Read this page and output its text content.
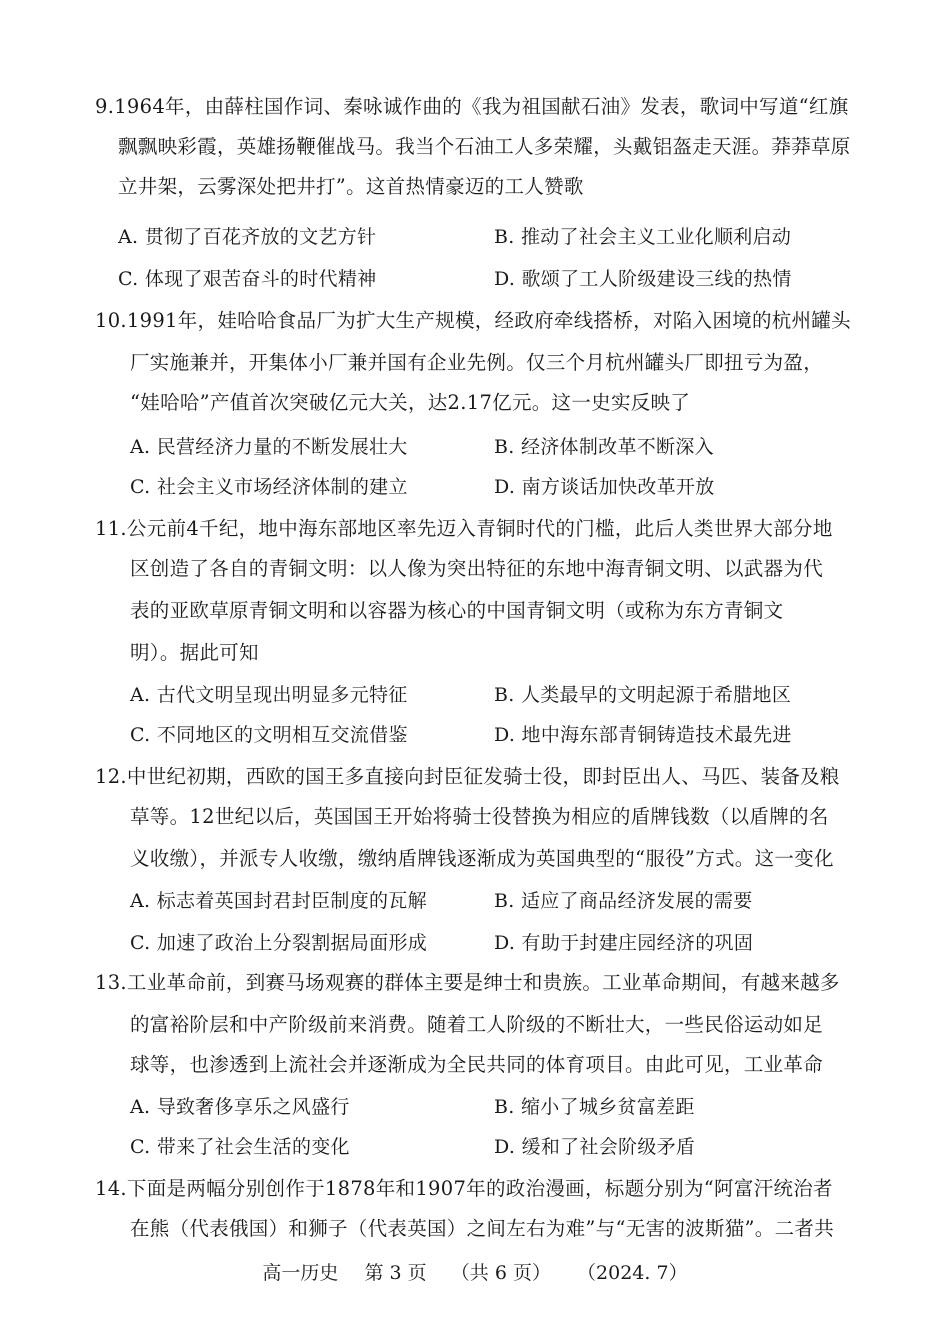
9.1964年，由薛柱国作词、秦咏诚作曲的《我为祖国献石油》发表，歌词中写道“红旗
飘飘映彩霞，英雄扬鞭催战马。我当个石油工人多荣耀，头戴铝盔走天涯。莽莽草原
立井架，云雾深处把井打”。这首热情豪迈的工人赞歌
A. 贯彻了百花齐放的文艺方针	B. 推动了社会主义工业化顺利启动
C. 体现了艰苦奋斗的时代精神	D. 歌颂了工人阶级建设三线的热情
10.1991年，娃哈哈食品厂为扩大生产规模，经政府牵线搭桥，对陷入困境的杭州罐头
厂实施兼并，开集体小厂兼并国有企业先例。仅三个月杭州罐头厂即扭亏为盈，
“娃哈哈”产值首次突破亿元大关，达2.17亿元。这一史实反映了
A. 民营经济力量的不断发展壮大	B. 经济体制改革不断深入
C. 社会主义市场经济体制的建立	D. 南方谈话加快改革开放
11.公元前4千纪，地中海东部地区率先迈入青铜时代的门槛，此后人类世界大部分地
区创造了各自的青铜文明：以人像为突出特征的东地中海青铜文明、以武器为代
表的亚欧草原青铜文明和以容器为核心的中国青铜文明（或称为东方青铜文
明）。据此可知
A. 古代文明呈现出明显多元特征	B. 人类最早的文明起源于希腊地区
C. 不同地区的文明相互交流借鉴	D. 地中海东部青铜铸造技术最先进
12.中世纪初期，西欧的国王多直接向封臣征发骑士役，即封臣出人、马匹、装备及粮
草等。12世纪以后，英国国王开始将骑士役替换为相应的盾牌钱数（以盾牌的名
义收缴），并派专人收缴，缴纳盾牌钱逐渐成为英国典型的“服役”方式。这一变化
A. 标志着英国封君封臣制度的瓦解	B. 适应了商品经济发展的需要
C. 加速了政治上分裂割据局面形成	D. 有助于封建庄园经济的巩固
13.工业革命前，到赛马场观赛的群体主要是绅士和贵族。工业革命期间，有越来越多
的富裕阶层和中产阶级前来消费。随着工人阶级的不断壮大，一些民俗运动如足
球等，也渗透到上流社会并逐渐成为全民共同的体育项目。由此可见，工业革命
A. 导致奢侈享乐之风盛行	B. 缩小了城乡贫富差距
C. 带来了社会生活的变化	D. 缓和了社会阶级矛盾
14.下面是两幅分别创作于1878年和1907年的政治漫画，标题分别为“阿富汗统治者
在熊（代表俄国）和狮子（代表英国）之间左右为难”与“无害的波斯猫”。二者共
高一历史 第 3 页 （共 6 页） （2024. 7）
